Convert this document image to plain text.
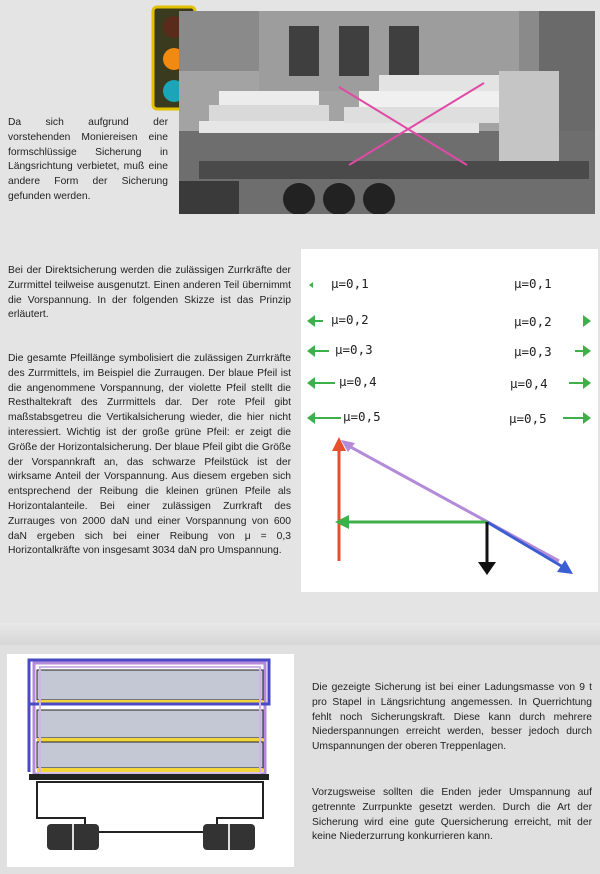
Da sich aufgrund der vorstehenden Moniereisen eine formschlüssige Sicherung in Längsrichtung verbietet, muß eine andere Form der Sicherung gefunden werden.

Bei der Direktsicherung werden die zulässigen Zurrkräfte der Zurrmittel teilweise ausgenutzt. Einen anderen Teil übernimmt die Vorspannung. In der folgenden Skizze ist das Prinzip erläutert.

Die gesamte Pfeillänge symbolisiert die zulässigen Zurrkräfte des Zurrmittels, im Beispiel die Zurraugen. Der blaue Pfeil ist die angenommene Vorspannung, der violette Pfeil stellt die Resthaltekraft des Zurrmittels dar. Der rote Pfeil gibt maßstabsgetreu die Vertikalsicherung wieder, die hier nicht interessiert. Wichtig ist der große grüne Pfeil: er zeigt die Größe der Horizontalsicherung. Der blaue Pfeil gibt die Größe der Vorspannkraft an, das schwarze Pfeilstück ist der wirksame Anteil der Vorspannung. Aus diesem ergeben sich entsprechend der Reibung die kleinen grünen Pfeile als Horizontalanteile. Bei einer zulässigen Zurrkraft des Zurrauges von 2000 daN und einer Vorspannung von 600 daN ergeben sich bei einer Reibung von μ = 0,3 Horizontalkräfte von insgesamt 3034 daN pro Umspannung.

μ=0,1
μ=0,2
μ=0,3
μ=0,4
μ=0,5
μ=0,1
μ=0,2
μ=0,3
μ=0,4
μ=0,5

Die gezeigte Sicherung ist bei einer Ladungsmasse von 9 t pro Stapel in Längsrichtung angemessen. In Querrichtung fehlt noch Sicherungskraft. Diese kann durch mehrere Niederspannungen erreicht werden, besser jedoch durch Umspannungen der oberen Treppenlagen.

Vorzugsweise sollten die Enden jeder Umspannung auf getrennte Zurrpunkte gesetzt werden. Durch die Art der Sicherung wird eine gute Quersicherung erreicht, mit der keine Niederzurrung konkurrieren kann.
